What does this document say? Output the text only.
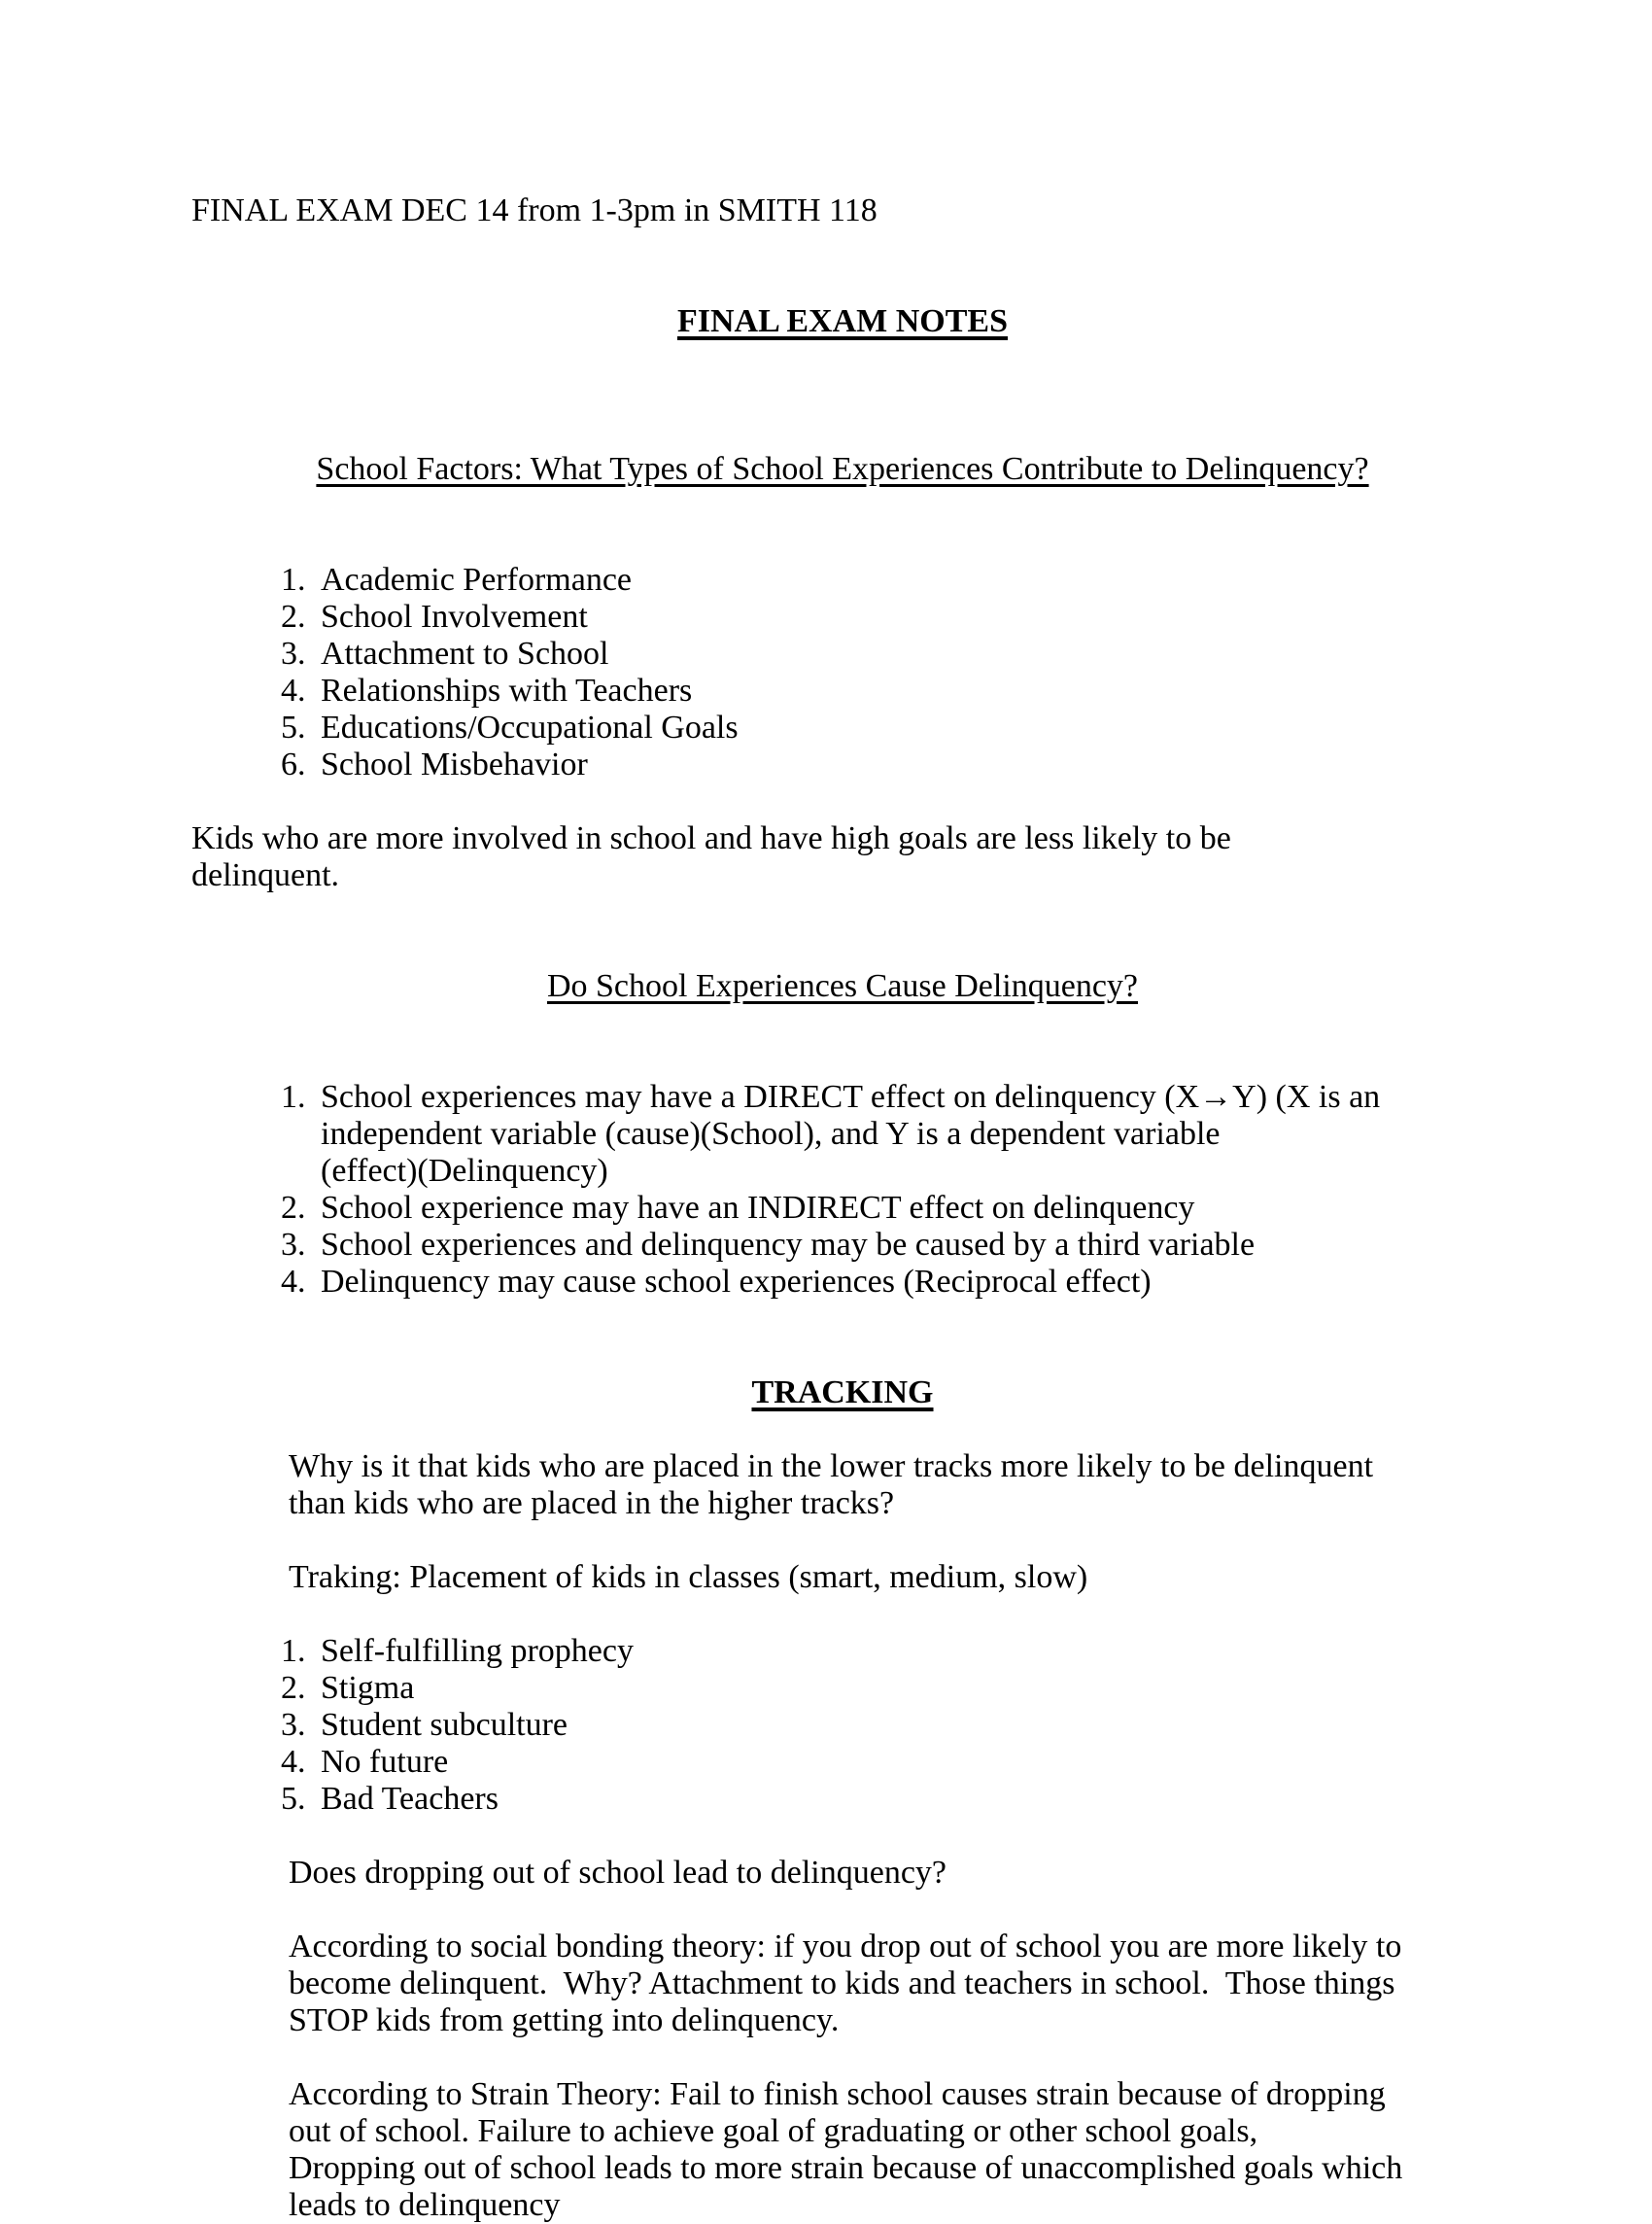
FINAL EXAM DEC 14 from 1-3pm in SMITH 118

FINAL EXAM NOTES

School Factors: What Types of School Experiences Contribute to Delinquency?

1. Academic Performance
2. School Involvement
3. Attachment to School
4. Relationships with Teachers
5. Educations/Occupational Goals
6. School Misbehavior
Kids who are more involved in school and have high goals are less likely to be
delinquent.

Do School Experiences Cause Delinquency?

1. School experiences may have a DIRECT effect on delinquency (X→Y) (X is an
independent variable (cause)(School), and Y is a dependent variable
(effect)(Delinquency)
2. School experience may have an INDIRECT effect on delinquency
3. School experiences and delinquency may be caused by a third variable
4. Delinquency may cause school experiences (Reciprocal effect)

TRACKING

Why is it that kids who are placed in the lower tracks more likely to be delinquent
than kids who are placed in the higher tracks?
Traking: Placement of kids in classes (smart, medium, slow)
1. Self-fulfilling prophecy
2. Stigma
3. Student subculture
4. No future
5. Bad Teachers
Does dropping out of school lead to delinquency?
According to social bonding theory: if you drop out of school you are more likely to
become delinquent.  Why? Attachment to kids and teachers in school.  Those things
STOP kids from getting into delinquency.
According to Strain Theory: Fail to finish school causes strain because of dropping
out of school. Failure to achieve goal of graduating or other school goals,
Dropping out of school leads to more strain because of unaccomplished goals which
leads to delinquency
